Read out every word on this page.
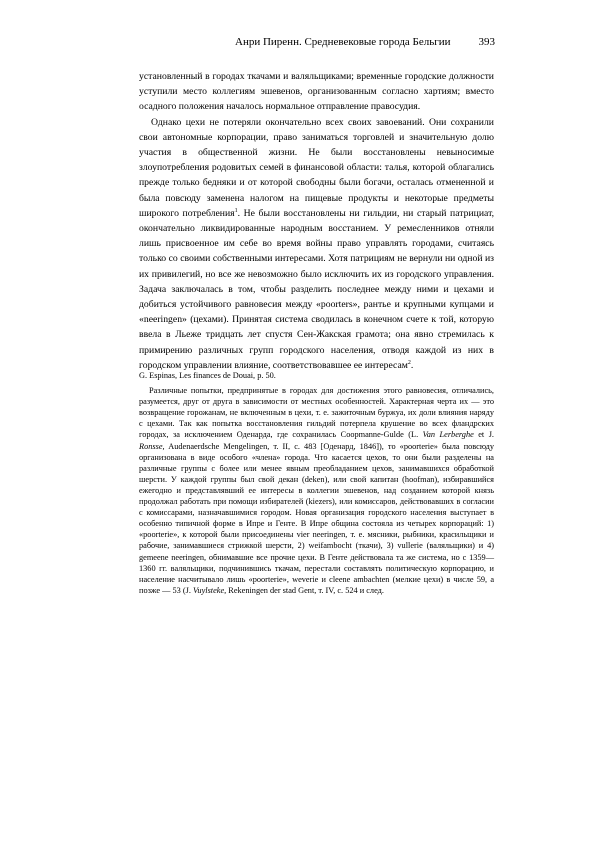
Анри Пиренн. Средневековые города Бельгии	393

установленный в городах ткачами и валяльщиками; временные городские должности уступили место коллегиям эшевенов, организованным согласно хартиям; вместо осадного положения началось нормальное отправление правосудия.

Однако цехи не потеряли окончательно всех своих завоеваний. Они сохранили свои автономные корпорации, право заниматься торговлей и значительную долю участия в общественной жизни. Не были восстановлены невыносимые злоупотребления родовитых семей в финансовой области: талья, которой облагались прежде только бедняки и от которой свободны были богачи, осталась отмененной и была повсюду заменена налогом на пищевые продукты и некоторые предметы широкого потребления$^1$. Не были восстановлены ни гильдии, ни старый патрициат, окончательно ликвидированные народным восстанием. У ремесленников отняли лишь присвоенное им себе во время войны право управлять городами, считаясь только со своими собственными интересами. Хотя патрициям не вернули ни одной из их привилегий, но все же невозможно было исключить их из городского управления. Задача заключалась в том, чтобы разделить последнее между ними и цехами и добиться устойчивого равновесия между «poorters», рантье и крупными купцами и «neeringen» (цехами). Принятая система сводилась в конечном счете к той, которую ввела в Льеже тридцать лет спустя Сен-Жакская грамота; она явно стремилась к примирению различных групп городского населения, отводя каждой из них в городском управлении влияние, соответствовавшее ее интересам$^2$.

G. Espinas, Les finances de Douai, p. 50.

Различные попытки, предпринятые в городах для достижения этого равновесия, отличались, разумеется, друг от друга в зависимости от местных особенностей. Характерная черта их — это возвращение горожанам, не включенным в цехи, т. е. зажиточным буржуа, их доли влияния наряду с цехами. Так как попытка восстановления гильдий потерпела крушение во всех фландрских городах, за исключением Оденарда, где сохранилась Coopmanne-Gulde (L. Van Lerberghe et J. Ronsse, Audenaerdsche Mengelingen, т. II, с. 483 [Оденард, 1846]), то «poorterie» была повсюду организована в виде особого «члена» города. Что касается цехов, то они были разделены на различные группы с более или менее явным преобладанием цехов, занимавшихся обработкой шерсти. У каждой группы был свой декан (deken), или свой капитан (hoofman), избиравшийся ежегодно и представлявший ее интересы в коллегии эшевенов, над созданием которой князь продолжал работать при помощи избирателей (kiezers), или комиссаров, действовавших в согласии с комиссарами, назначавшимися городом. Новая организация городского населения выступает в особенно типичной форме в Ипре и Генте. В Ипре община состояла из четырех корпораций: 1) «poorterie», к которой были присоединены vier neeringen, т. е. мясники, рыбники, красильщики и рабочие, занимавшиеся стрижкой шерсти, 2) weifambocht (ткачи), 3) vullerie (валяльщики) и 4) gemeene neeringen, обнимавшие все прочие цехи. В Генте действовала та же система, но с 1359—1360 гг. валяльщики, подчинившись ткачам, перестали составлять политическую корпорацию, и население насчитывало лишь «poorterie», weverie и cleene ambachten (мелкие цехи) в числе 59, а позже — 53 (J. Vuylsteke, Rekeningen der stad Gent, т. IV, с. 524 и след.
